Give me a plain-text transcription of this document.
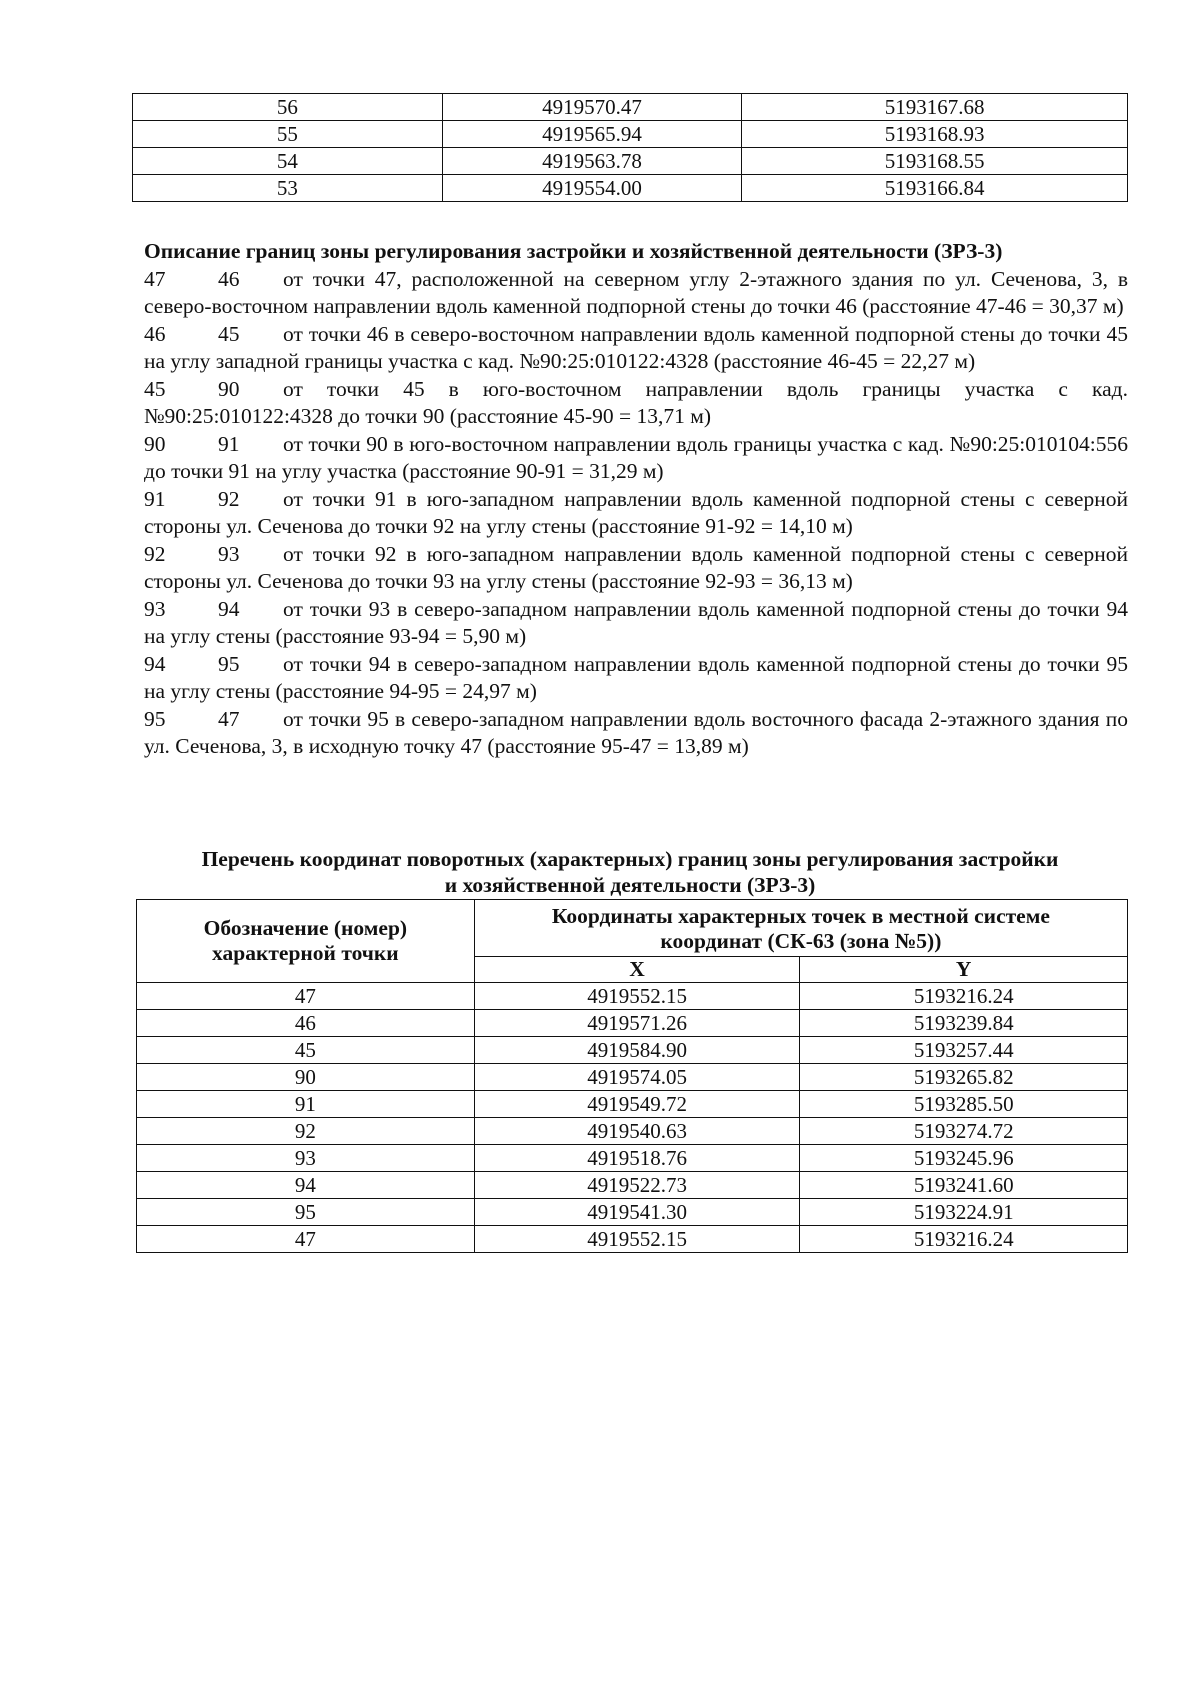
56	4919570.47	5193167.68
55	4919565.94	5193168.93
54	4919563.78	5193168.55
53	4919554.00	5193166.84

Описание границ зоны регулирования застройки и хозяйственной деятельности (ЗРЗ-3)

47 46 от точки 47, расположенной на северном углу 2-этажного здания по ул. Сеченова, 3, в северо-восточном направлении вдоль каменной подпорной стены до точки 46 (расстояние 47-46 = 30,37 м)
46 45 от точки 46 в северо-восточном направлении вдоль каменной подпорной стены до точки 45 на углу западной границы участка с кад. №90:25:010122:4328 (расстояние 46-45 = 22,27 м)
45 90 от точки 45 в юго-восточном направлении вдоль границы участка с кад. №90:25:010122:4328 до точки 90 (расстояние 45-90 = 13,71 м)
90 91 от точки 90 в юго-восточном направлении вдоль границы участка с кад. №90:25:010104:556 до точки 91 на углу участка (расстояние 90-91 = 31,29 м)
91 92 от точки 91 в юго-западном направлении вдоль каменной подпорной стены с северной стороны ул. Сеченова до точки 92 на углу стены (расстояние 91-92 = 14,10 м)
92 93 от точки 92 в юго-западном направлении вдоль каменной подпорной стены с северной стороны ул. Сеченова до точки 93 на углу стены (расстояние 92-93 = 36,13 м)
93 94 от точки 93 в северо-западном направлении вдоль каменной подпорной стены до точки 94 на углу стены (расстояние 93-94 = 5,90 м)
94 95 от точки 94 в северо-западном направлении вдоль каменной подпорной стены до точки 95 на углу стены (расстояние 94-95 = 24,97 м)
95 47 от точки 95 в северо-западном направлении вдоль восточного фасада 2-этажного здания по ул. Сеченова, 3, в исходную точку 47 (расстояние 95-47 = 13,89 м)
Перечень координат поворотных (характерных) границ зоны регулирования застройки
и хозяйственной деятельности (ЗРЗ-3)
Обозначение (номер) характерной точки	Координаты характерных точек в местной системе координат (СК-63 (зона №5))	
	X	Y
47	4919552.15	5193216.24
46	4919571.26	5193239.84
45	4919584.90	5193257.44
90	4919574.05	5193265.82
91	4919549.72	5193285.50
92	4919540.63	5193274.72
93	4919518.76	5193245.96
94	4919522.73	5193241.60
95	4919541.30	5193224.91
47	4919552.15	5193216.24
